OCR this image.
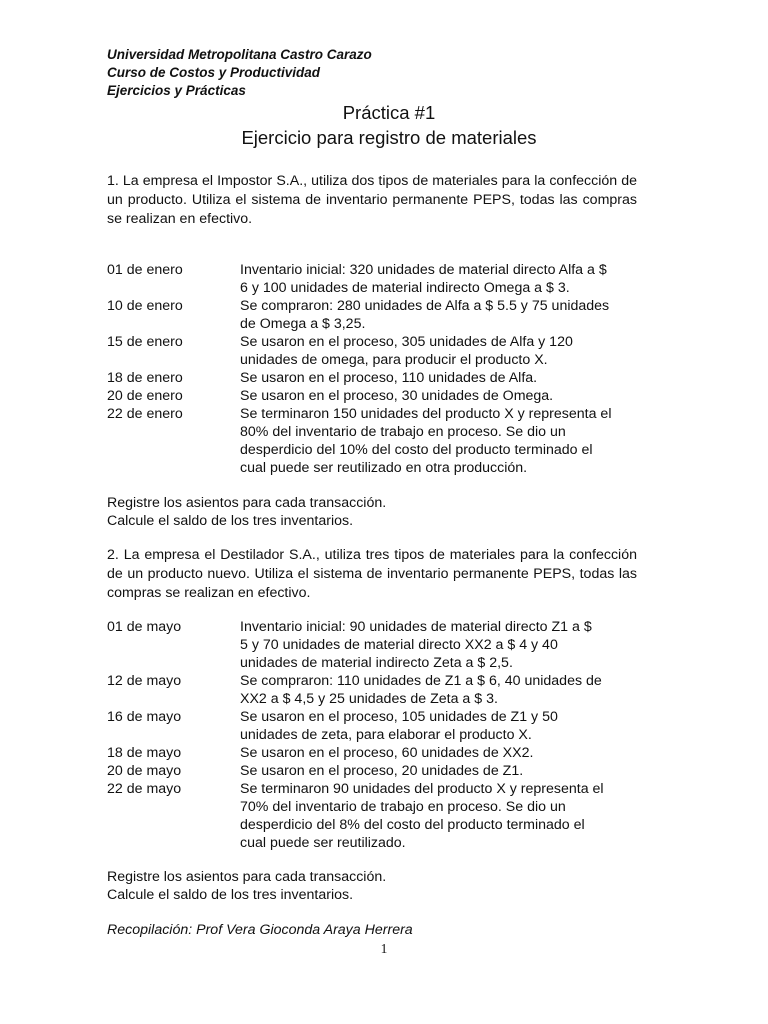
Universidad Metropolitana Castro Carazo
Curso de Costos y Productividad
Ejercicios y Prácticas
Práctica #1
Ejercicio para registro de materiales
1. La empresa el Impostor S.A., utiliza dos tipos de materiales para la confección de un producto. Utiliza el sistema de inventario permanente PEPS, todas las compras se realizan en efectivo.
01 de enero	Inventario inicial: 320 unidades de material directo Alfa a $
6 y 100 unidades de material indirecto Omega a $ 3.
10 de enero	Se compraron: 280 unidades de Alfa a $ 5.5 y 75 unidades
de Omega a $ 3,25.
15 de enero	Se usaron en el proceso, 305 unidades de Alfa y 120
unidades de omega, para producir el producto X.
18 de enero	Se usaron en el proceso, 110 unidades de Alfa.
20 de enero	Se usaron en el proceso, 30 unidades de Omega.
22 de enero	Se terminaron 150 unidades del producto X y representa el
80% del inventario de trabajo en proceso. Se dio un
desperdicio del 10% del costo del producto terminado el
cual puede ser reutilizado en otra producción.
Registre los asientos para cada transacción.
Calcule el saldo de los tres inventarios.
2. La empresa el Destilador S.A., utiliza tres tipos de materiales para la confección de un producto nuevo. Utiliza el sistema de inventario permanente PEPS, todas las compras se realizan en efectivo.
01 de mayo	Inventario inicial: 90 unidades de material directo Z1 a $
5 y 70 unidades de material directo XX2 a $ 4 y 40
unidades de material indirecto Zeta a $ 2,5.
12 de mayo	Se compraron: 110 unidades de Z1 a $ 6, 40 unidades de
XX2 a $ 4,5 y 25 unidades de Zeta a $ 3.
16 de mayo	Se usaron en el proceso, 105 unidades de Z1 y 50
unidades de zeta, para elaborar el producto X.
18 de mayo	Se usaron en el proceso, 60 unidades de XX2.
20 de mayo	Se usaron en el proceso, 20 unidades de Z1.
22 de mayo	Se terminaron 90 unidades del producto X y representa el
70% del inventario de trabajo en proceso. Se dio un
desperdicio del 8% del costo del producto terminado el
cual puede ser reutilizado.
Registre los asientos para cada transacción.
Calcule el saldo de los tres inventarios.
Recopilación: Prof Vera Gioconda Araya Herrera
1
